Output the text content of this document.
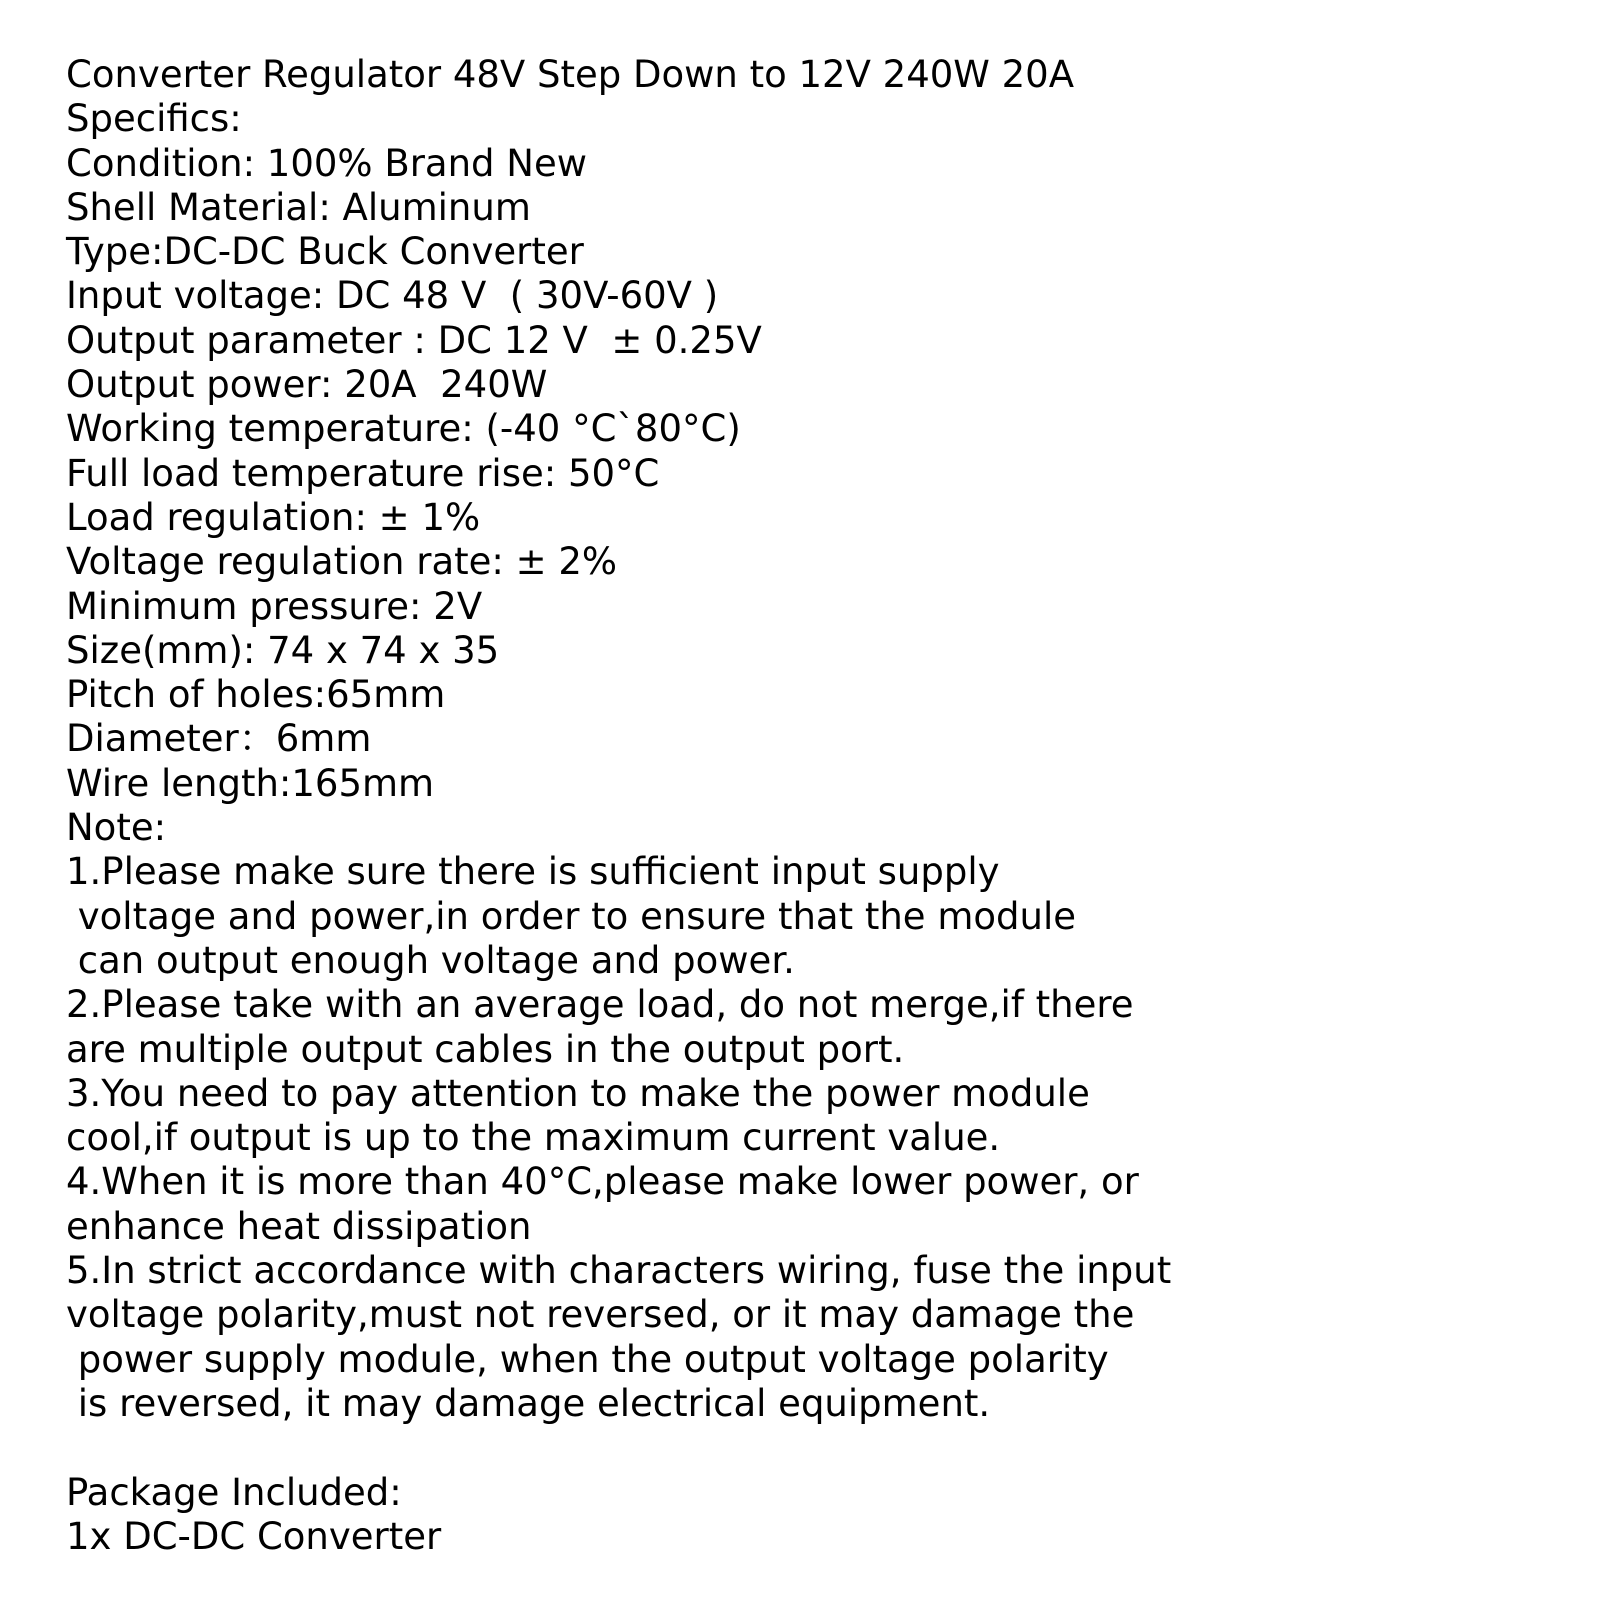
Converter Regulator 48V Step Down to 12V 240W 20A
Specifics:
Condition: 100% Brand New
Shell Material: Aluminum
Type:DC-DC Buck Converter
Input voltage: DC 48 V  ( 30V-60V )
Output parameter : DC 12 V  ± 0.25V
Output power: 20A  240W
Working temperature: (-40 °C`80°C)
Full load temperature rise: 50°C
Load regulation: ± 1%
Voltage regulation rate: ± 2%
Minimum pressure: 2V
Size(mm): 74 x 74 x 35
Pitch of holes:65mm
Diameter：6mm
Wire length:165mm
Note:
1.Please make sure there is sufficient input supply
voltage and power,in order to ensure that the module
can output enough voltage and power.
2.Please take with an average load, do not merge,if there
are multiple output cables in the output port.
3.You need to pay attention to make the power module
cool,if output is up to the maximum current value.
4.When it is more than 40°C,please make lower power, or
enhance heat dissipation
5.In strict accordance with characters wiring, fuse the input
voltage polarity,must not reversed, or it may damage the
power supply module, when the output voltage polarity
is reversed, it may damage electrical equipment.
Package Included:
1x DC-DC Converter
